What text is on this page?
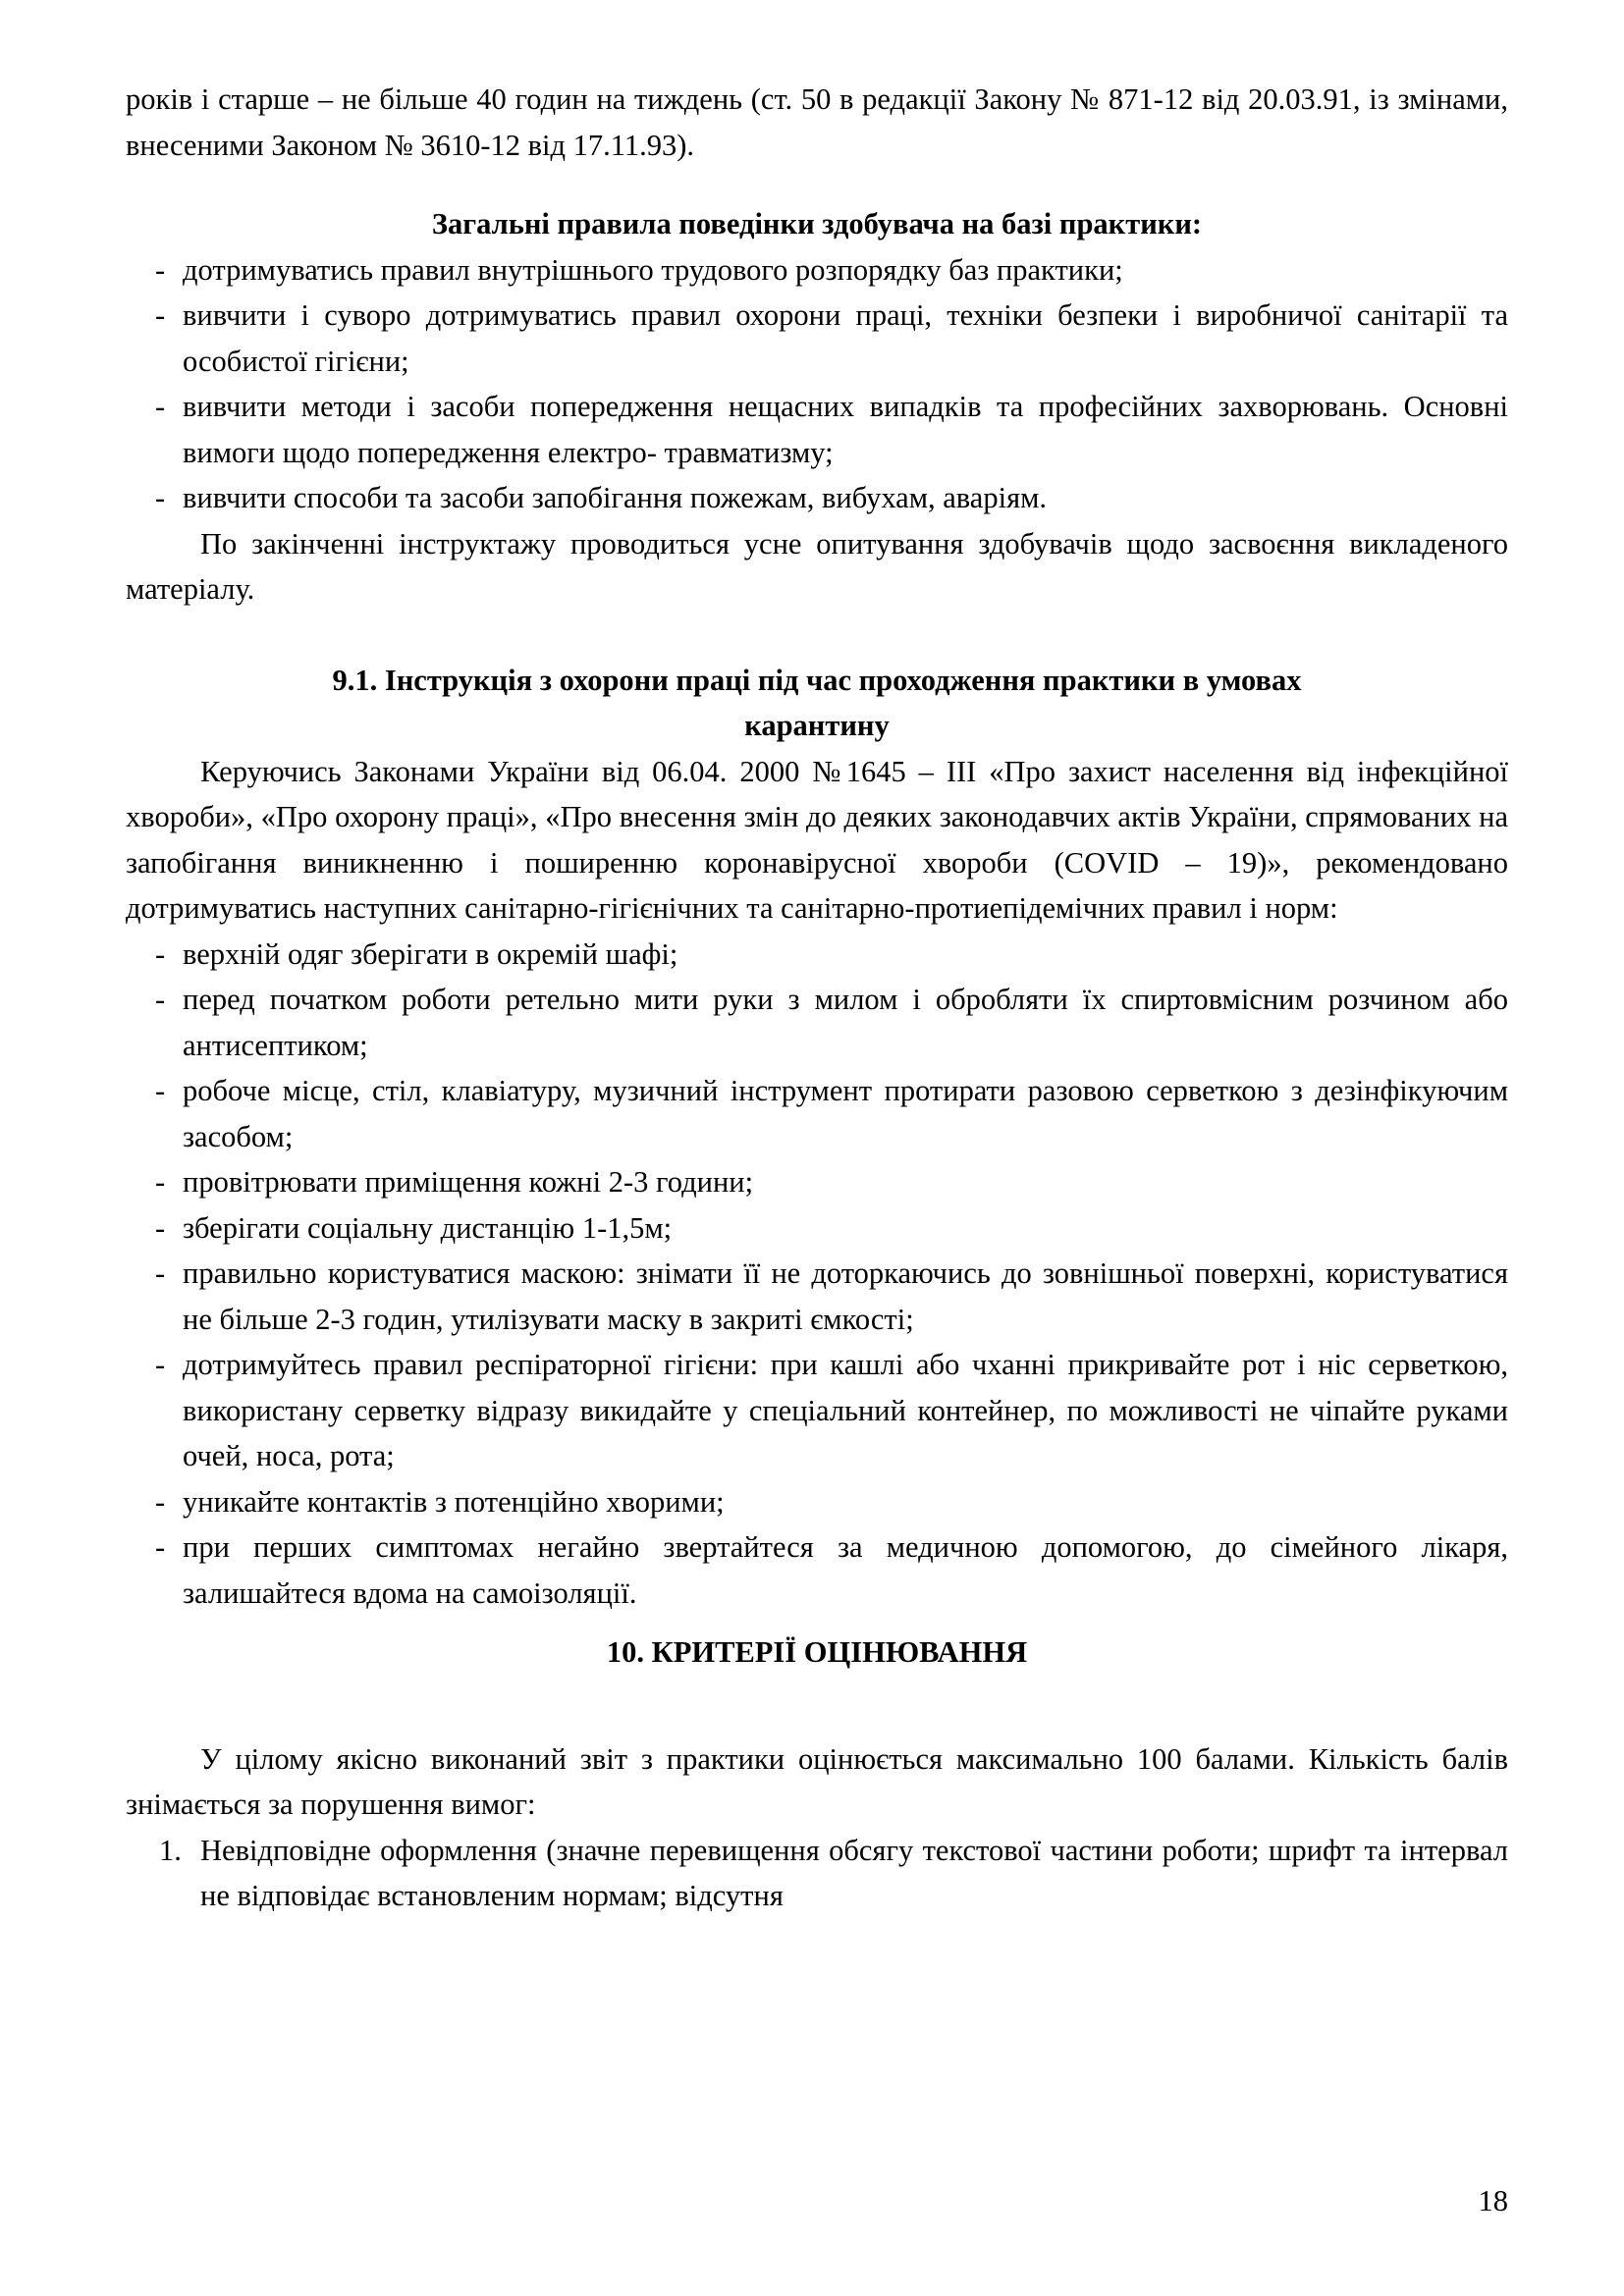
років і старше – не більше 40 годин на тиждень (ст. 50 в редакції Закону № 871-12 від 20.03.91, із змінами, внесеними Законом № 3610-12 від 17.11.93).

Загальні правила поведінки здобувача на базі практики:

- дотримуватись правил внутрішнього трудового розпорядку баз практики;
- вивчити і суворо дотримуватись правил охорони праці, техніки безпеки і виробничої санітарії та особистої гігієни;
- вивчити методи і засоби попередження нещасних випадків та професійних захворювань. Основні вимоги щодо попередження електро- травматизму;
- вивчити способи та засоби запобігання пожежам, вибухам, аваріям.

По закінченні інструктажу проводиться усне опитування здобувачів щодо засвоєння викладеного матеріалу.

9.1. Інструкція з охорони праці під час проходження практики в умовах
карантину

Керуючись Законами України від 06.04. 2000 №1645 – ІІІ «Про захист населення від інфекційної хвороби», «Про охорону праці», «Про внесення змін до деяких законодавчих актів України, спрямованих на запобігання виникненню і поширенню коронавірусної хвороби (COVID – 19)», рекомендовано дотримуватись наступних санітарно-гігієнічних та санітарно-протиепідемічних правил і норм:

- верхній одяг зберігати в окремій шафі;
- перед початком роботи ретельно мити руки з милом і обробляти їх спиртовмісним розчином або антисептиком;
- робоче місце, стіл, клавіатуру, музичний інструмент протирати разовою серветкою з дезінфікуючим засобом;
- провітрювати приміщення кожні 2-3 години;
- зберігати соціальну дистанцію 1-1,5м;
- правильно користуватися маскою: знімати її не доторкаючись до зовнішньої поверхні, користуватися не більше 2-3 годин, утилізувати маску в закриті ємкості;
- дотримуйтесь правил респіраторної гігієни: при кашлі або чханні прикривайте рот і ніс серветкою, використану серветку відразу викидайте у спеціальний контейнер, по можливості не чіпайте руками очей, носа, рота;
- уникайте контактів з потенційно хворими;
- при перших симптомах негайно звертайтеся за медичною допомогою, до сімейного лікаря, залишайтеся вдома на самоізоляції.

10. КРИТЕРІЇ ОЦІНЮВАННЯ

У цілому якісно виконаний звіт з практики оцінюється максимально 100 балами. Кількість балів знімається за порушення вимог:

Невідповідне оформлення (значне перевищення обсягу текстової частини роботи; шрифт та інтервал не відповідає встановленим нормам; відсутня
18
